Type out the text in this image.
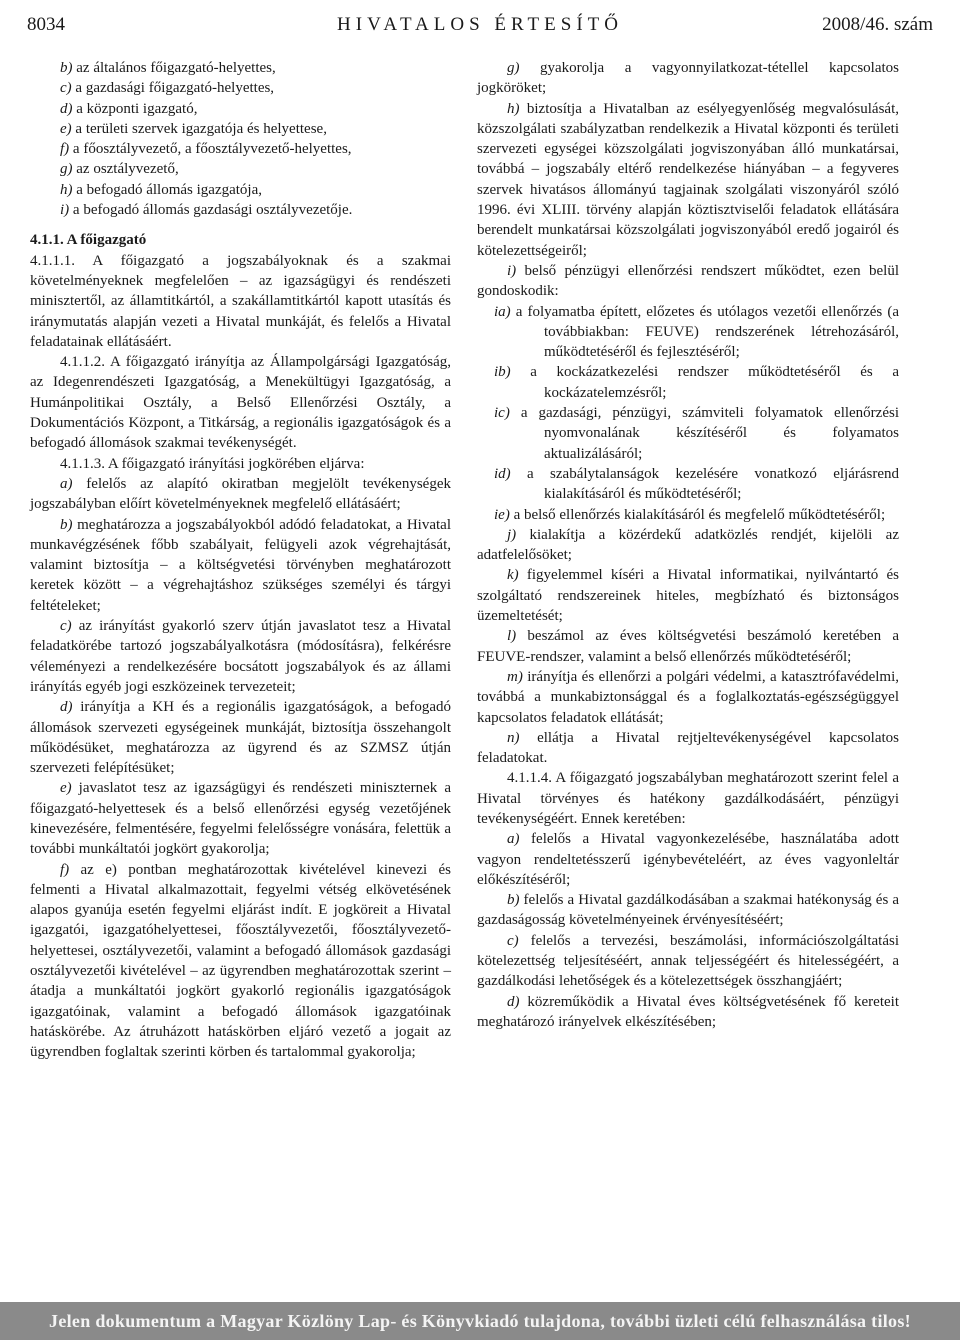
8034	HIVATALOS ÉRTESÍTŐ	2008/46. szám

b) az általános főigazgató-helyettes,

c) a gazdasági főigazgató-helyettes,

d) a központi igazgató,

e) a területi szervek igazgatója és helyettese,

f) a főosztályvezető, a főosztályvezető-helyettes,

g) az osztályvezető,

h) a befogadó állomás igazgatója,

i) a befogadó állomás gazdasági osztályvezetője.

4.1.1. A főigazgató

4.1.1.1. A főigazgató a jogszabályoknak és a szakmai követelményeknek megfelelően – az igazságügyi és rendészeti minisztertől, az államtitkártól, a szakállamtitkártól kapott utasítás és iránymutatás alapján vezeti a Hivatal munkáját, és felelős a Hivatal feladatainak ellátásáért.

4.1.1.2. A főigazgató irányítja az Állampolgársági Igazgatóság, az Idegenrendészeti Igazgatóság, a Menekültügyi Igazgatóság, a Humánpolitikai Osztály, a Belső Ellenőrzési Osztály, a Dokumentációs Központ, a Titkárság, a regionális igazgatóságok és a befogadó állomások szakmai tevékenységét.

4.1.1.3. A főigazgató irányítási jogkörében eljárva:

a) felelős az alapító okiratban megjelölt tevékenységek jogszabályban előírt követelményeknek megfelelő ellátásáért;

b) meghatározza a jogszabályokból adódó feladatokat, a Hivatal munkavégzésének főbb szabályait, felügyeli azok végrehajtását, valamint biztosítja – a költségvetési törvényben meghatározott keretek között – a végrehajtáshoz szükséges személyi és tárgyi feltételeket;

c) az irányítást gyakorló szerv útján javaslatot tesz a Hivatal feladatkörébe tartozó jogszabályalkotásra (módosításra), felkérésre véleményezi a rendelkezésére bocsátott jogszabályok és az állami irányítás egyéb jogi eszközeinek tervezeteit;

d) irányítja a KH és a regionális igazgatóságok, a befogadó állomások szervezeti egységeinek munkáját, biztosítja összehangolt működésüket, meghatározza az ügyrend és az SZMSZ útján szervezeti felépítésüket;

e) javaslatot tesz az igazságügyi és rendészeti miniszternek a főigazgató-helyettesek és a belső ellenőrzési egység vezetőjének kinevezésére, felmentésére, fegyelmi felelősségre vonására, felettük a további munkáltatói jogkört gyakorolja;

f) az e) pontban meghatározottak kivételével kinevezi és felmenti a Hivatal alkalmazottait, fegyelmi vétség elkövetésének alapos gyanúja esetén fegyelmi eljárást indít. E jogköreit a Hivatal igazgatói, igazgatóhelyettesei, főosztályvezetői, főosztályvezető-helyettesei, osztályvezetői, valamint a befogadó állomások gazdasági osztályvezetői kivételével – az ügyrendben meghatározottak szerint – átadja a munkáltatói jogkört gyakorló regionális igazgatóságok igazgatóinak, valamint a befogadó állomások igazgatóinak hatáskörébe. Az átruházott hatáskörben eljáró vezető a jogait az ügyrendben foglaltak szerinti körben és tartalommal gyakorolja;

g) gyakorolja a vagyonnyilatkozat-tétellel kapcsolatos jogköröket;

h) biztosítja a Hivatalban az esélyegyenlőség megvalósulását, közszolgálati szabályzatban rendelkezik a Hivatal központi és területi szervezeti egységei közszolgálati jogviszonyában álló munkatársai, továbbá – jogszabály eltérő rendelkezése hiányában – a fegyveres szervek hivatásos állományú tagjainak szolgálati viszonyáról szóló 1996. évi XLIII. törvény alapján köztisztviselői feladatok ellátására berendelt munkatársai közszolgálati jogviszonyából eredő jogairól és kötelezettségeiről;

i) belső pénzügyi ellenőrzési rendszert működtet, ezen belül gondoskodik:

ia) a folyamatba épített, előzetes és utólagos vezetői ellenőrzés (a továbbiakban: FEUVE) rendszerének létrehozásáról, működtetéséről és fejlesztéséről;

ib) a kockázatkezelési rendszer működtetéséről és a kockázatelemzésről;

ic) a gazdasági, pénzügyi, számviteli folyamatok ellenőrzési nyomvonalának készítéséről és folyamatos aktualizálásáról;

id) a szabálytalanságok kezelésére vonatkozó eljárásrend kialakításáról és működtetéséről;

ie) a belső ellenőrzés kialakításáról és megfelelő működtetéséről;

j) kialakítja a közérdekű adatközlés rendjét, kijelöli az adatfelelősöket;

k) figyelemmel kíséri a Hivatal informatikai, nyilvántartó és szolgáltató rendszereinek hiteles, megbízható és biztonságos üzemeltetését;

l) beszámol az éves költségvetési beszámoló keretében a FEUVE-rendszer, valamint a belső ellenőrzés működtetéséről;

m) irányítja és ellenőrzi a polgári védelmi, a katasztrófavédelmi, továbbá a munkabiztonsággal és a foglalkoztatás-egészségüggyel kapcsolatos feladatok ellátását;

n) ellátja a Hivatal rejtjeltevékenységével kapcsolatos feladatokat.

4.1.1.4. A főigazgató jogszabályban meghatározott szerint felel a Hivatal törvényes és hatékony gazdálkodásáért, pénzügyi tevékenységéért. Ennek keretében:

a) felelős a Hivatal vagyonkezelésébe, használatába adott vagyon rendeltetésszerű igénybevételéért, az éves vagyonleltár előkészítéséről;

b) felelős a Hivatal gazdálkodásában a szakmai hatékonyság és a gazdaságosság követelményeinek érvényesítéséért;

c) felelős a tervezési, beszámolási, információszolgáltatási kötelezettség teljesítéséért, annak teljességéért és hitelességéért, a gazdálkodási lehetőségek és a kötelezettségek összhangjáért;

d) közreműködik a Hivatal éves költségvetésének fő kereteit meghatározó irányelvek elkészítésében;

Jelen dokumentum a Magyar Közlöny Lap- és Könyvkiadó tulajdona, további üzleti célú felhasználása tilos!
